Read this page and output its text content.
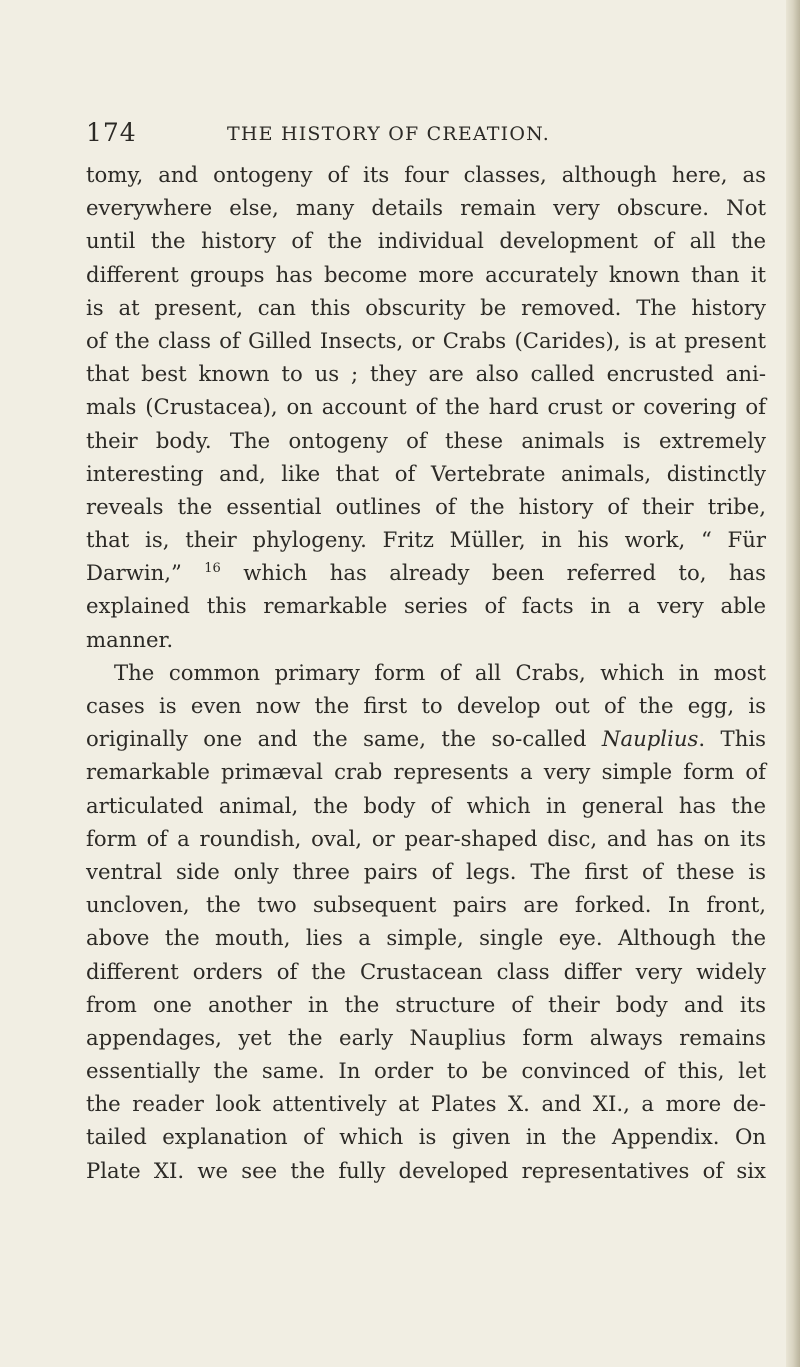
174	THE HISTORY OF CREATION.
tomy, and ontogeny of its four classes, although here, as
everywhere else, many details remain very obscure. Not
until the history of the individual development of all the
different groups has become more accurately known than it
is at present, can this obscurity be removed. The history
of the class of Gilled Insects, or Crabs (Carides), is at present
that best known to us ; they are also called encrusted ani-
mals (Crustacea), on account of the hard crust or covering of
their body. The ontogeny of these animals is extremely
interesting and, like that of Vertebrate animals, distinctly
reveals the essential outlines of the history of their tribe,
that is, their phylogeny. Fritz Müller, in his work, “ Für
Darwin,” $^{16}$ which has already been referred to, has
explained this remarkable series of facts in a very able
manner.
The common primary form of all Crabs, which in most
cases is even now the first to develop out of the egg, is
originally one and the same, the so-called Nauplius. This
remarkable primæval crab represents a very simple form of
articulated animal, the body of which in general has the
form of a roundish, oval, or pear-shaped disc, and has on its
ventral side only three pairs of legs. The first of these is
uncloven, the two subsequent pairs are forked. In front,
above the mouth, lies a simple, single eye. Although the
different orders of the Crustacean class differ very widely
from one another in the structure of their body and its
appendages, yet the early Nauplius form always remains
essentially the same. In order to be convinced of this, let
the reader look attentively at Plates X. and XI., a more de-
tailed explanation of which is given in the Appendix. On
Plate XI. we see the fully developed representatives of six
